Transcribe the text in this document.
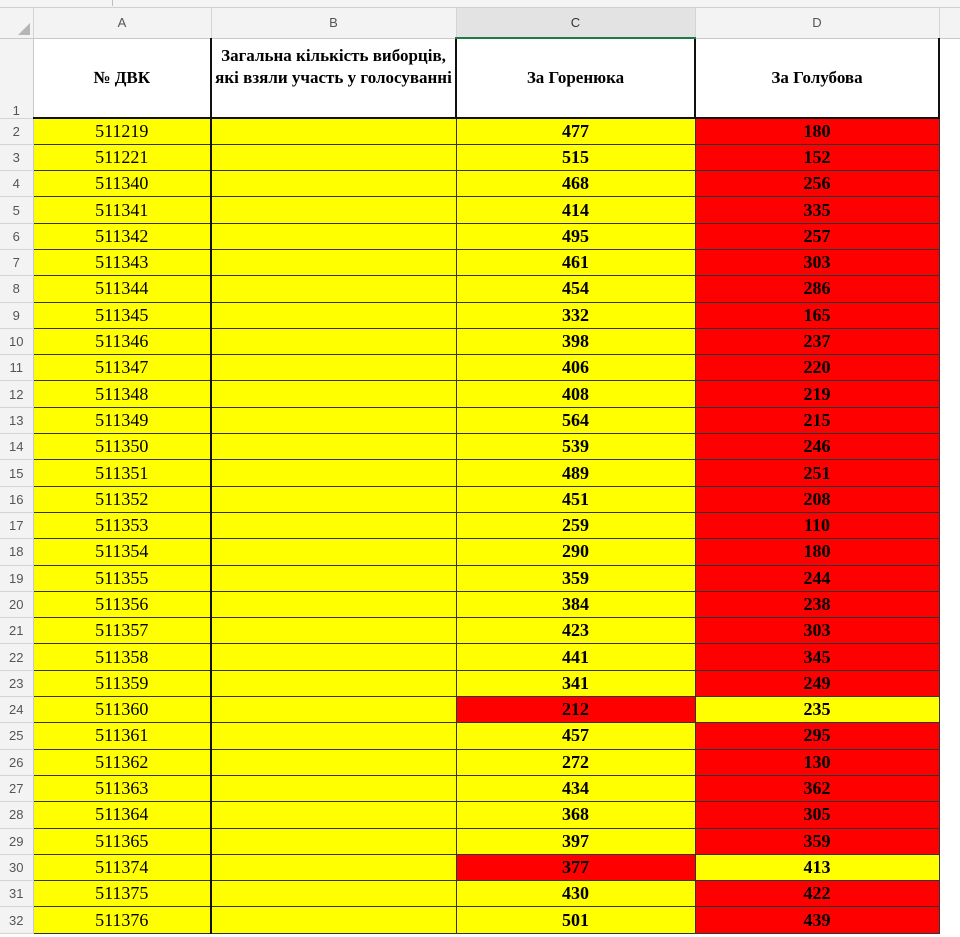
	A	B	C	D	
1	№ ДВК	Загальна кількість виборців, які взяли участь у голосуванні	За Горенюка	За Голубова	
2	511219		477	180	
3	511221		515	152	
4	511340		468	256	
5	511341		414	335	
6	511342		495	257	
7	511343		461	303	
8	511344		454	286	
9	511345		332	165	
10	511346		398	237	
11	511347		406	220	
12	511348		408	219	
13	511349		564	215	
14	511350		539	246	
15	511351		489	251	
16	511352		451	208	
17	511353		259	110	
18	511354		290	180	
19	511355		359	244	
20	511356		384	238	
21	511357		423	303	
22	511358		441	345	
23	511359		341	249	
24	511360		212	235	
25	511361		457	295	
26	511362		272	130	
27	511363		434	362	
28	511364		368	305	
29	511365		397	359	
30	511374		377	413	
31	511375		430	422	
32	511376		501	439	
